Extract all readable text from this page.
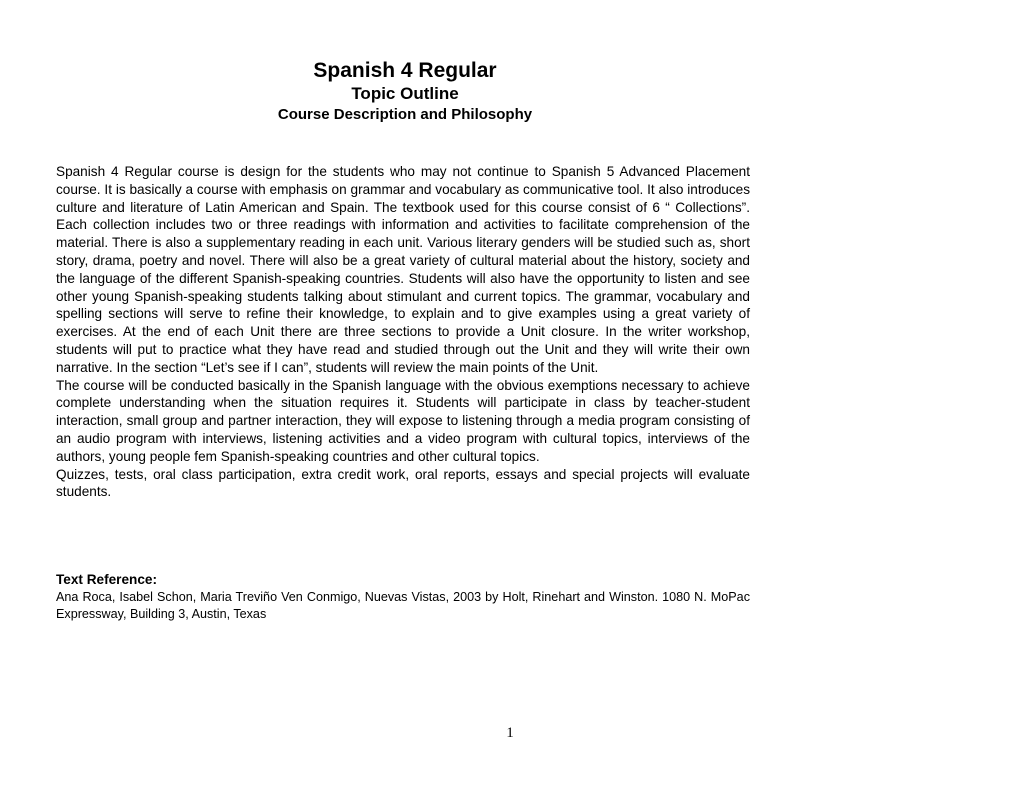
Spanish 4 Regular
Topic Outline
Course Description and Philosophy

Spanish 4 Regular course is design for the students who may not continue to Spanish 5 Advanced Placement course. It is basically a course with emphasis on grammar and vocabulary as communicative tool. It also introduces culture and literature of Latin American and Spain. The textbook used for this course consist of 6 “ Collections”. Each collection includes two or three readings with information and activities to facilitate comprehension of the material. There is also a supplementary reading in each unit. Various literary genders will be studied such as, short story, drama, poetry and novel. There will also be a great variety of cultural material about the history, society and the language of the different Spanish-speaking countries. Students will also have the opportunity to listen and see other young Spanish-speaking students talking about stimulant and current topics. The grammar, vocabulary and spelling sections will serve to refine their knowledge, to explain and to give examples using a great variety of exercises. At the end of each Unit there are three sections to provide a Unit closure. In the writer workshop, students will put to practice what they have read and studied through out the Unit and they will write their own narrative. In the section “Let’s see if I can”, students will review the main points of the Unit.

The course will be conducted basically in the Spanish language with the obvious exemptions necessary to achieve complete understanding when the situation requires it. Students will participate in class by teacher-student interaction, small group and partner interaction, they will expose to listening through a media program consisting of an audio program with interviews, listening activities and a video program with cultural topics, interviews of the authors, young people fem Spanish-speaking countries and other cultural topics.

Quizzes, tests, oral class participation, extra credit work, oral reports, essays and special projects will evaluate students.

Text Reference:

Ana Roca, Isabel Schon, Maria Treviño Ven Conmigo, Nuevas Vistas, 2003 by Holt, Rinehart and Winston. 1080 N. MoPac Expressway, Building 3, Austin, Texas

1
